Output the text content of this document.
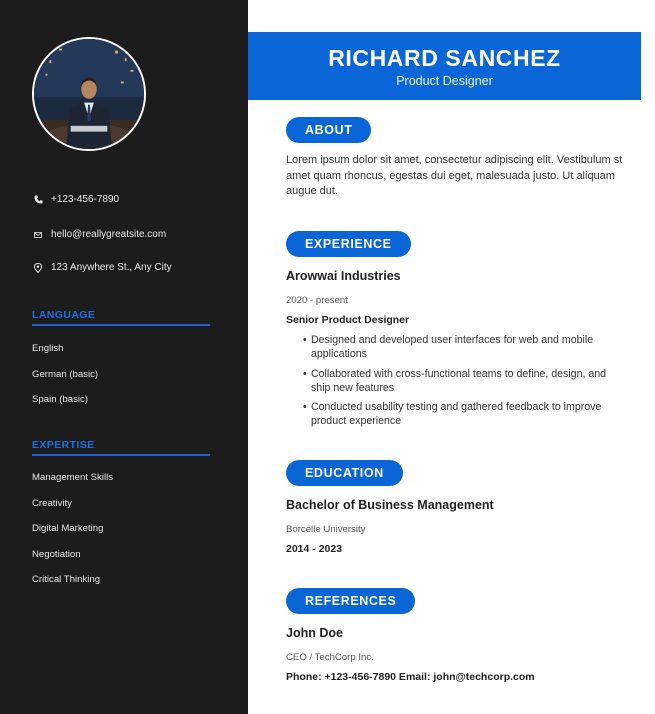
+123-456-7890
hello@reallygreatsite.com
123 Anywhere St., Any City
LANGUAGE
English
German (basic)
Spain (basic)
EXPERTISE
Management Skills
Creativity
Digital Marketing
Negotiation
Critical Thinking
RICHARD SANCHEZ
Product Designer
ABOUT

Lorem ipsum dolor sit amet, consectetur adipiscing elit. Vestibulum st amet quam rhoncus, egestas dui eget, malesuada justo. Ut aliquam augue dut.

EXPERIENCE
Arowwai Industries
2020 - present
Senior Product Designer
• Designed and developed user interfaces for web and mobile applications
• Collaborated with cross-functional teams to define, design, and ship new features
• Conducted usability testing and gathered feedback to improve product experience
EDUCATION
Bachelor of Business Management
Borcelle University
2014 - 2023
REFERENCES
John Doe
CEO / TechCorp Inc.
Phone: +123-456-7890 Email: john@techcorp.com
